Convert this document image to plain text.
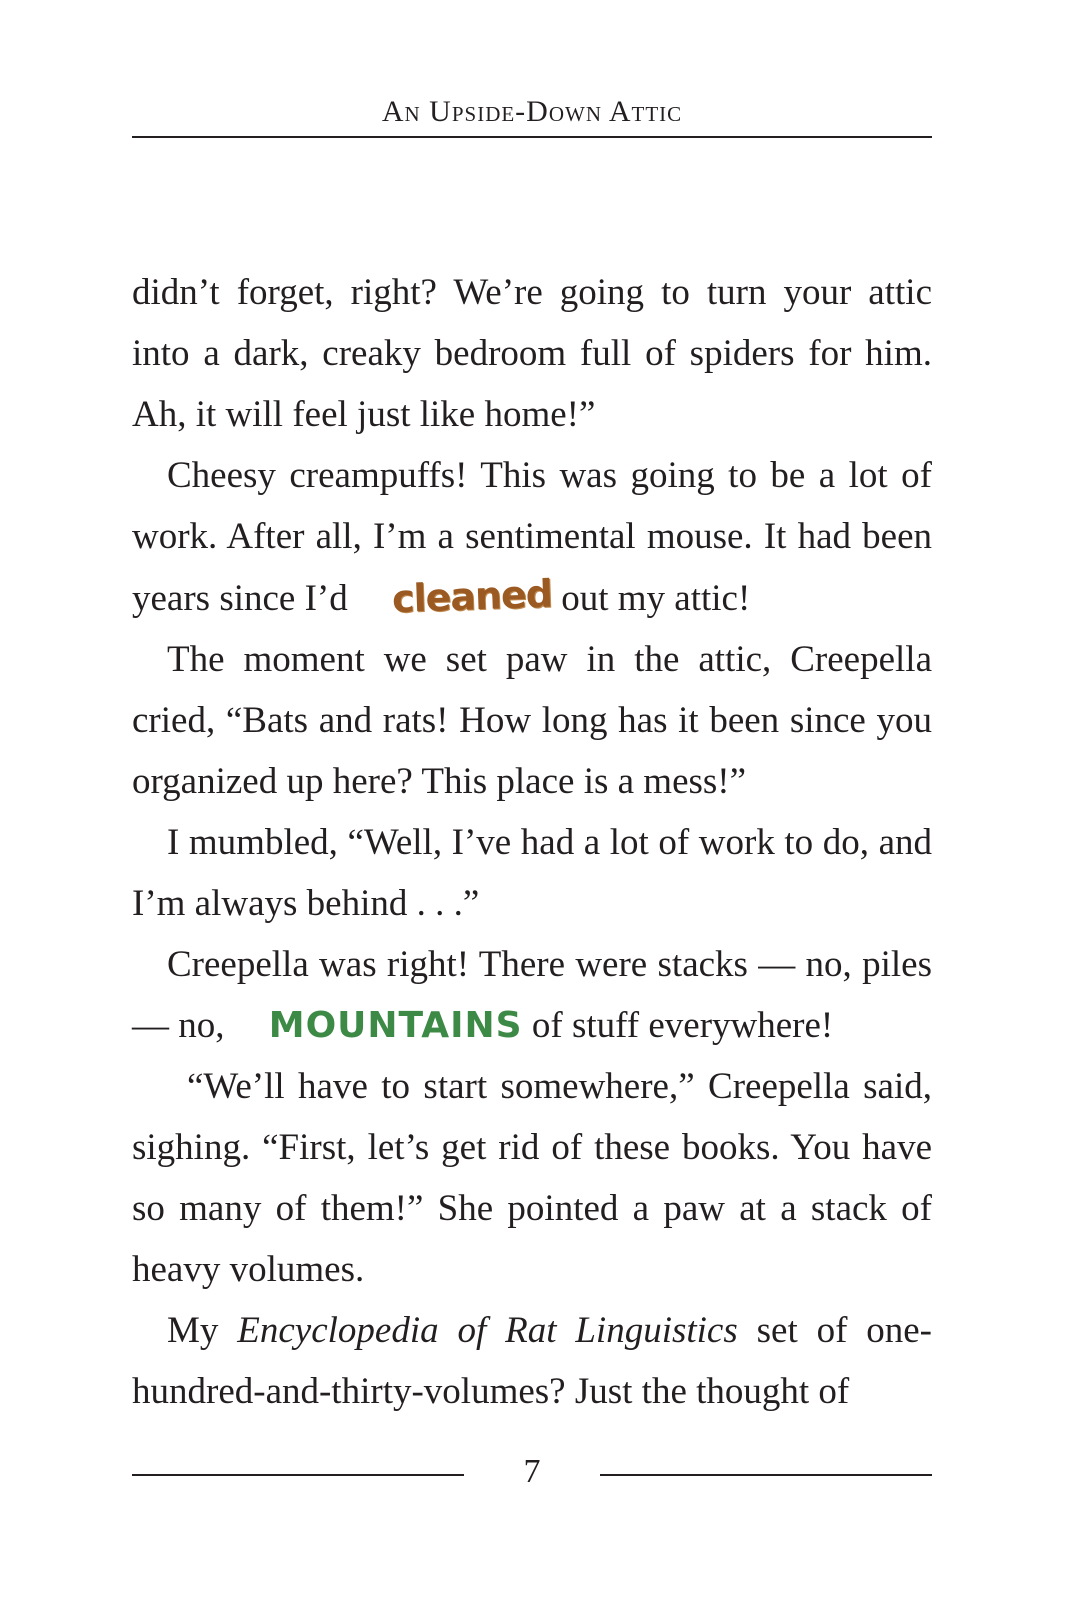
An Upside-Down Attic

didn’t forget, right? We’re going to turn your attic into a dark, creaky bedroom full of spiders for him. Ah, it will feel just like home!”

Cheesy creampuffs! This was going to be a lot of work. After all, I’m a sentimental mouse. It had been years since I’d cleaned out my attic!

The moment we set paw in the attic, Creepella cried, “Bats and rats! How long has it been since you organized up here? This place is a mess!”

I mumbled, “Well, I’ve had a lot of work to do, and I’m always behind . . .”

Creepella was right! There were stacks — no, piles — no, MOUNTAINS of stuff everywhere!

“We’ll have to start somewhere,” Creepella said, sighing. “First, let’s get rid of these books. You have so many of them!” She pointed a paw at a stack of heavy volumes.

My Encyclopedia of Rat Linguistics set of one-hundred-and-thirty-volumes? Just the thought of

7
